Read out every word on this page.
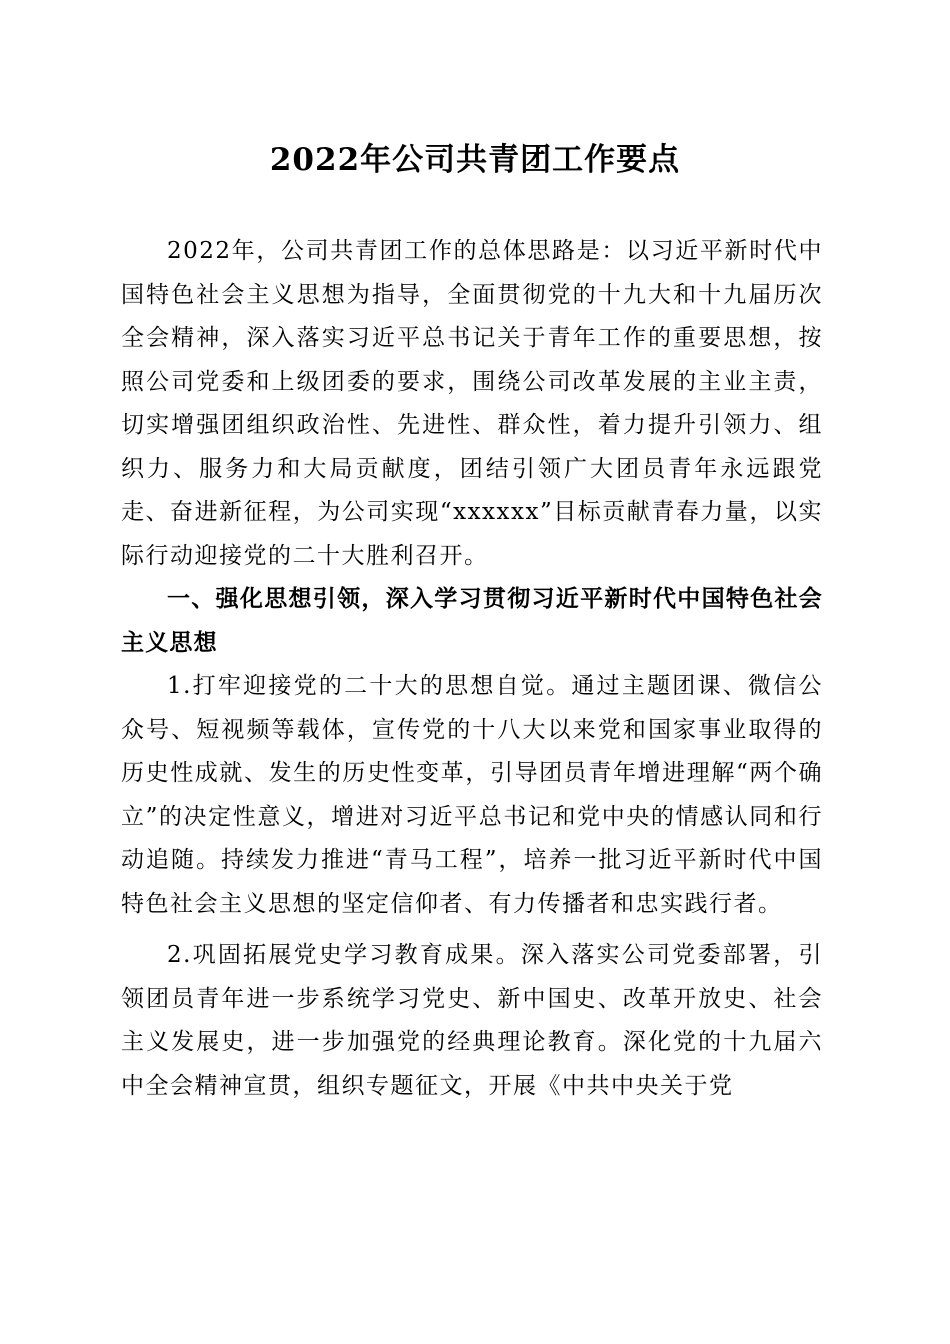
2022年公司共青团工作要点

2022年，公司共青团工作的总体思路是：以习近平新时代中国特色社会主义思想为指导，全面贯彻党的十九大和十九届历次全会精神，深入落实习近平总书记关于青年工作的重要思想，按照公司党委和上级团委的要求，围绕公司改革发展的主业主责，切实增强团组织政治性、先进性、群众性，着力提升引领力、组织力、服务力和大局贡献度，团结引领广大团员青年永远跟党走、奋进新征程，为公司实现“xxxxxx”目标贡献青春力量，以实际行动迎接党的二十大胜利召开。

一、强化思想引领，深入学习贯彻习近平新时代中国特色社会主义思想

1.打牢迎接党的二十大的思想自觉。通过主题团课、微信公众号、短视频等载体，宣传党的十八大以来党和国家事业取得的历史性成就、发生的历史性变革，引导团员青年增进理解“两个确立”的决定性意义，增进对习近平总书记和党中央的情感认同和行动追随。持续发力推进“青马工程”，培养一批习近平新时代中国特色社会主义思想的坚定信仰者、有力传播者和忠实践行者。

2.巩固拓展党史学习教育成果。深入落实公司党委部署，引领团员青年进一步系统学习党史、新中国史、改革开放史、社会主义发展史，进一步加强党的经典理论教育。深化党的十九届六中全会精神宣贯，组织专题征文，开展《中共中央关于党
